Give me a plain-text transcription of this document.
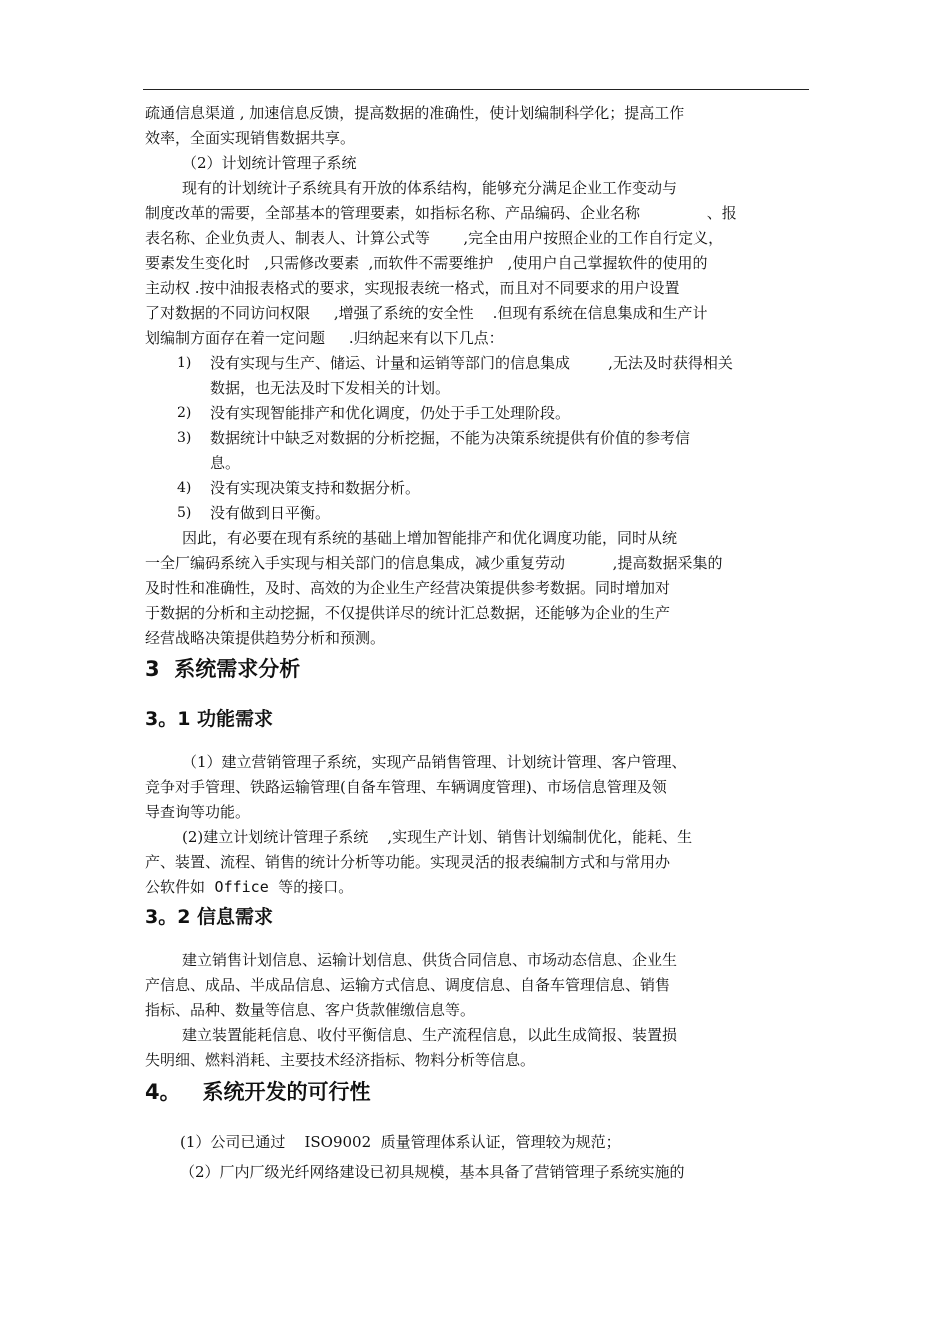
疏通信息渠道 , 加速信息反馈，提高数据的准确性，使计划编制科学化；提高工作
效率，全面实现销售数据共享。
（2）计划统计管理子系统
现有的计划统计子系统具有开放的体系结构，能够充分满足企业工作变动与
制度改革的需要，全部基本的管理要素，如指标名称、产品编码、企业名称              、报
表名称、企业负责人、制表人、计算公式等       ,完全由用户按照企业的工作自行定义，
要素发生变化时   ,只需修改要素  ,而软件不需要维护   ,使用户自己掌握软件的使用的
主动权 .按中油报表格式的要求，实现报表统一格式，而且对不同要求的用户设置
了对数据的不同访问权限     ,增强了系统的安全性    .但现有系统在信息集成和生产计
划编制方面存在着一定问题     .归纳起来有以下几点：
1) 没有实现与生产、储运、计量和运销等部门的信息集成        ,无法及时获得相关
数据，也无法及时下发相关的计划。
2) 没有实现智能排产和优化调度，仍处于手工处理阶段。
3) 数据统计中缺乏对数据的分析挖掘，不能为决策系统提供有价值的参考信
息。
4) 没有实现决策支持和数据分析。
5) 没有做到日平衡。
因此，有必要在现有系统的基础上增加智能排产和优化调度功能，同时从统
一全厂编码系统入手实现与相关部门的信息集成，减少重复劳动          ,提高数据采集的
及时性和准确性，及时、高效的为企业生产经营决策提供参考数据。同时增加对
于数据的分析和主动挖掘，不仅提供详尽的统计汇总数据，还能够为企业的生产
经营战略决策提供趋势分析和预测。
3  系统需求分析
3。1 功能需求
（1）建立营销管理子系统，实现产品销售管理、计划统计管理、客户管理、
竞争对手管理、铁路运输管理(自备车管理、车辆调度管理)、市场信息管理及领
导查询等功能。
(2)建立计划统计管理子系统    ,实现生产计划、销售计划编制优化，能耗、生
产、装置、流程、销售的统计分析等功能。实现灵活的报表编制方式和与常用办
公软件如  Office  等的接口。
3。2 信息需求
建立销售计划信息、运输计划信息、供货合同信息、市场动态信息、企业生
产信息、成品、半成品信息、运输方式信息、调度信息、自备车管理信息、销售
指标、品种、数量等信息、客户货款催缴信息等。
建立装置能耗信息、收付平衡信息、生产流程信息，以此生成简报、装置损
失明细、燃料消耗、主要技术经济指标、物料分析等信息。
4。   系统开发的可行性
(1）公司已通过    ISO9002  质量管理体系认证，管理较为规范；
（2）厂内厂级光纤网络建设已初具规模，基本具备了营销管理子系统实施的
